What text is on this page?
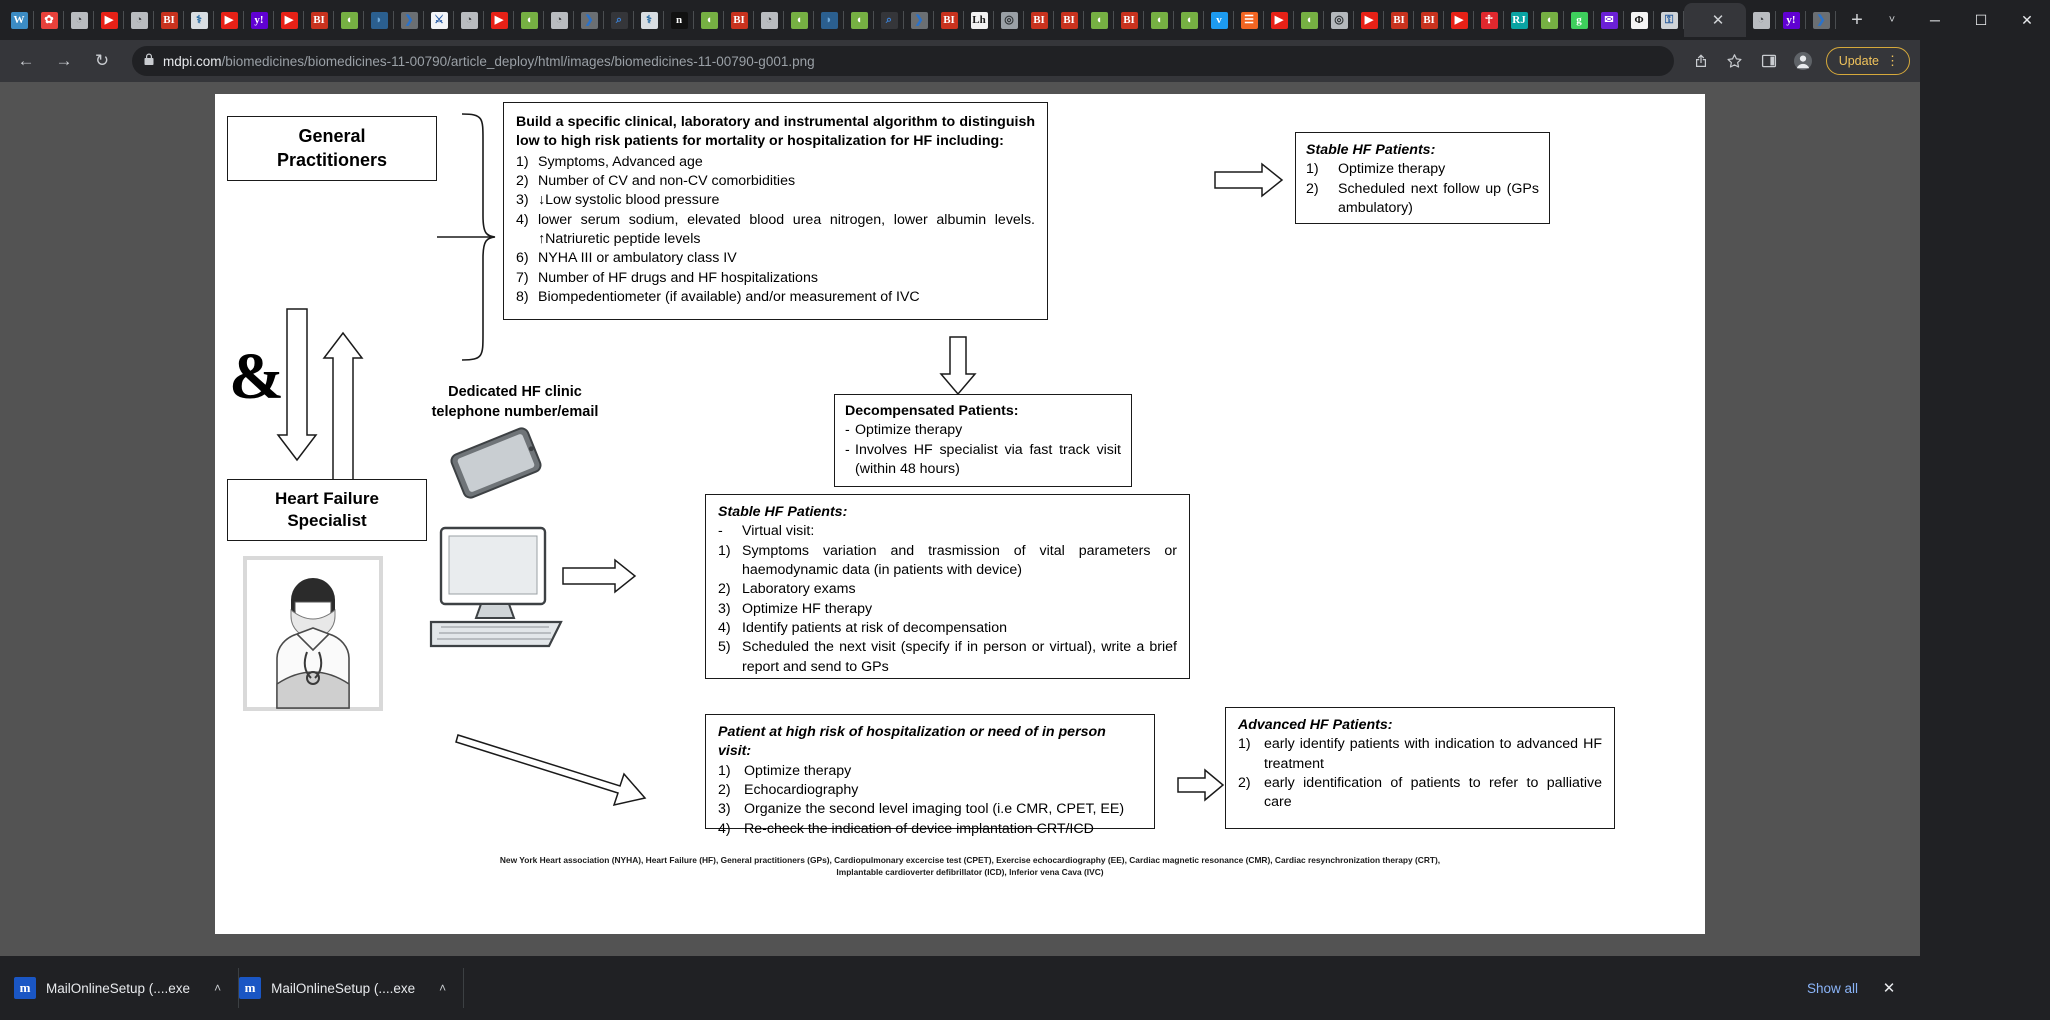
W	✿	◔	▶	◔	BI	⚕	▶	y!	▶	BI	◖	◗	❯	⚔	◔	▶	◖	◔	❯	⌕	⚕	n	◖	BI	◔	◖	◗	◖	⌕	❯	BI Lh	◎	BI BI	◖	BI	◖	◖	ᴠ	☰	▶	◖	◎	▶	BI BI	▶	☥	RJ	◖	g	✉	Φ	⚿	✕	◔	y!	❯	+	˅	─	☐	✕
←	→	↻	mdpi.com/biomedicines/biomedicines-11-00790/article_deploy/html/images/biomedicines-11-00790-g001.png	Update ⋮
General
Practitioners
&
Heart Failure
Specialist
Dedicated HF clinic
telephone number/email
Build a specific clinical, laboratory and instrumental algorithm to distinguish low to high risk patients for mortality or hospitalization for HF including:
1) Symptoms, Advanced age
2) Number of CV and non-CV comorbidities
3) ↓Low systolic blood pressure
4) lower serum sodium, elevated blood urea nitrogen, lower albumin levels. ↑Natriuretic peptide levels
6) NYHA III or ambulatory class IV
7) Number of HF drugs and HF hospitalizations
8) Biompedentiometer (if available) and/or measurement of IVC
Stable HF Patients:
1)	Optimize therapy
2)	Scheduled next follow up (GPs ambulatory)
Decompensated Patients:
- Optimize therapy
- Involves HF specialist via fast track visit (within 48 hours)
Stable HF Patients:
-	Virtual visit:
1) Symptoms variation and trasmission of vital parameters or haemodynamic data (in patients with device)
2) Laboratory exams
3) Optimize HF therapy
4) Identify patients at risk of decompensation
5) Scheduled the next visit (specify if in person or virtual), write a brief report and send to GPs
Patient at high risk of hospitalization or need of in person visit:
1) Optimize therapy
2) Echocardiography
3) Organize the second level imaging tool (i.e CMR, CPET, EE)
4) Re-check the indication of device implantation CRT/ICD
Advanced HF Patients:
1) early identify patients with indication to advanced HF treatment
2) early identification of patients to refer to palliative care
New York Heart association (NYHA), Heart Failure (HF), General practitioners (GPs), Cardiopulmonary excercise test (CPET), Exercise echocardiography (EE), Cardiac magnetic resonance (CMR), Cardiac resynchronization therapy (CRT),
Implantable cardioverter defibrillator (ICD), Inferior vena Cava (IVC)
m	MailOnlineSetup (....exe ˄	m	MailOnlineSetup (....exe ˄	Show all	✕
